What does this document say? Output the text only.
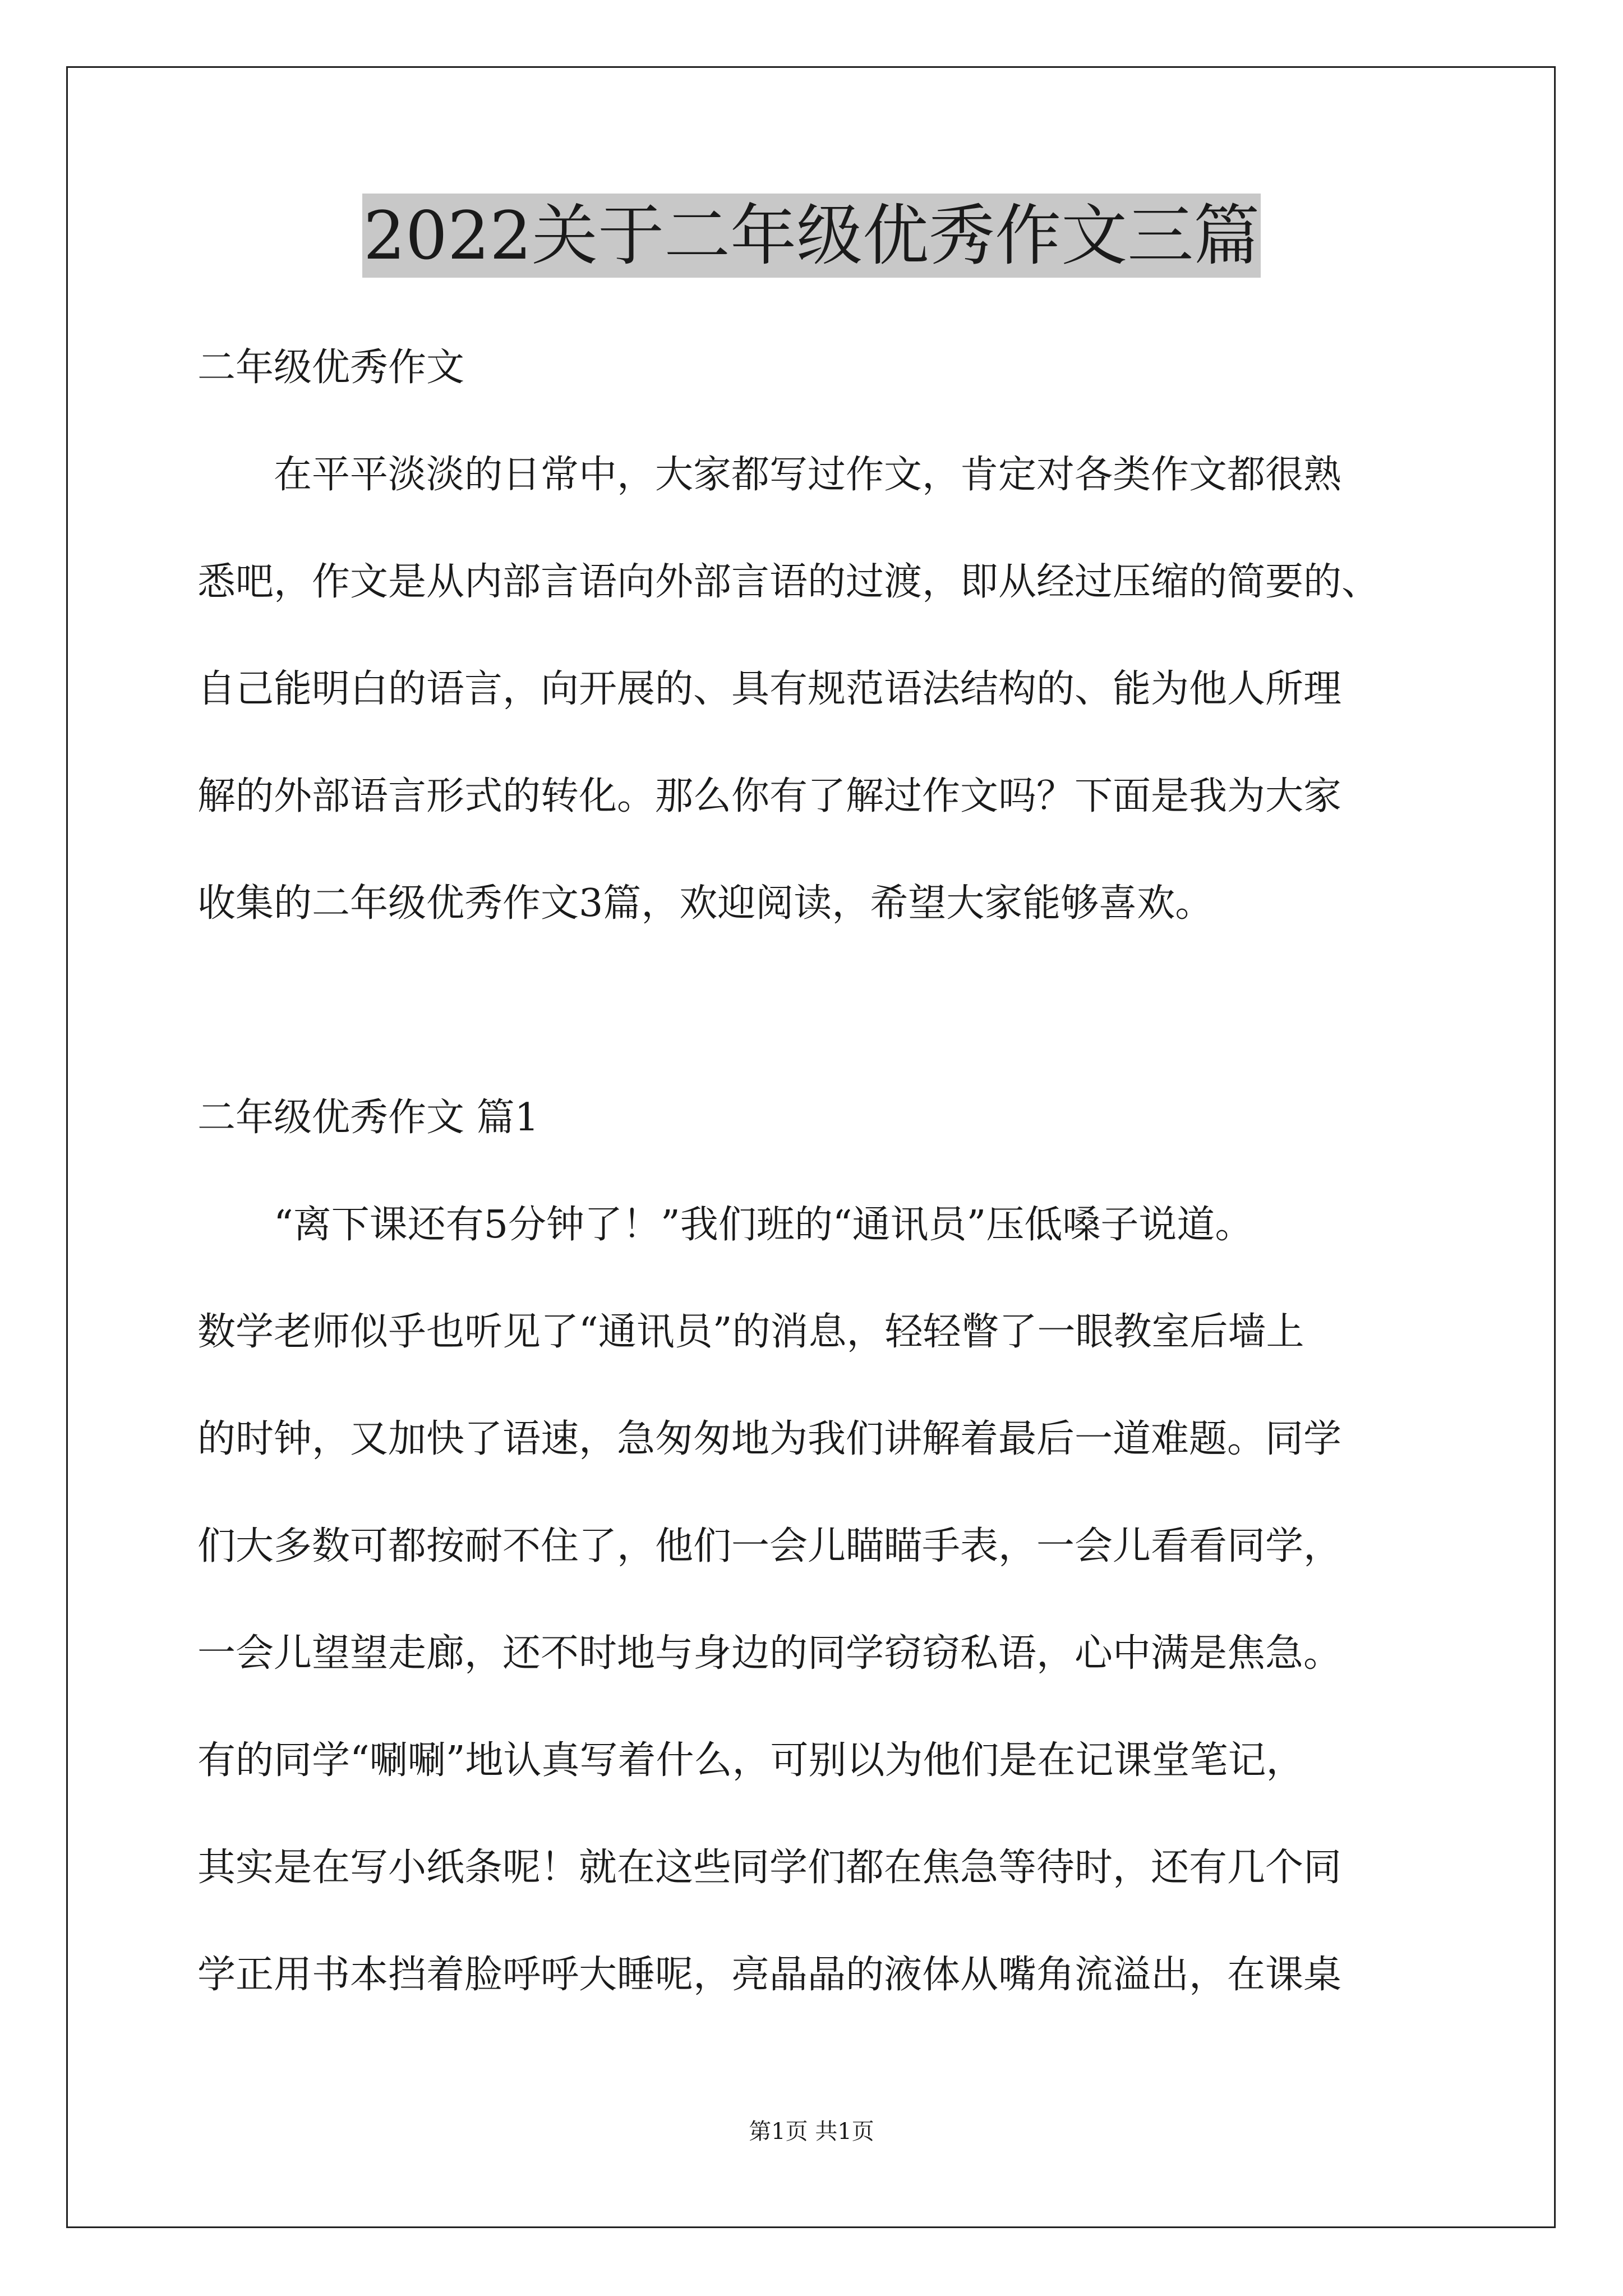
2022关于二年级优秀作文三篇
二年级优秀作文
在平平淡淡的日常中，大家都写过作文，肯定对各类作文都很熟
悉吧，作文是从内部言语向外部言语的过渡，即从经过压缩的简要的、
自己能明白的语言，向开展的、具有规范语法结构的、能为他人所理
解的外部语言形式的转化。那么你有了解过作文吗？下面是我为大家
收集的二年级优秀作文3篇，欢迎阅读，希望大家能够喜欢。
二年级优秀作文 篇1
“离下课还有5分钟了！”我们班的“通讯员”压低嗓子说道。
数学老师似乎也听见了“通讯员”的消息，轻轻瞥了一眼教室后墙上
的时钟，又加快了语速，急匆匆地为我们讲解着最后一道难题。同学
们大多数可都按耐不住了，他们一会儿瞄瞄手表，一会儿看看同学，
一会儿望望走廊，还不时地与身边的同学窃窃私语，心中满是焦急。
有的同学“唰唰”地认真写着什么，可别以为他们是在记课堂笔记，
其实是在写小纸条呢！就在这些同学们都在焦急等待时，还有几个同
学正用书本挡着脸呼呼大睡呢，亮晶晶的液体从嘴角流溢出，在课桌
第1页 共1页
